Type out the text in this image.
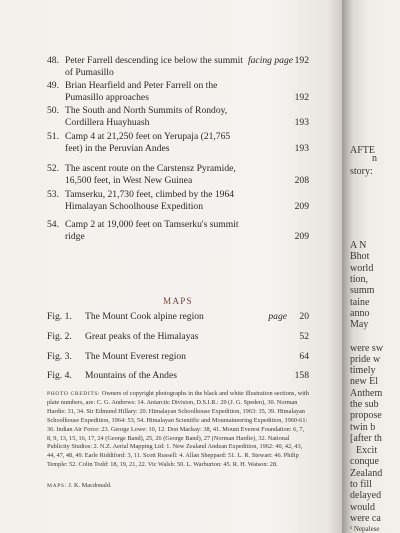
48. Peter Farrell descending ice below the summit
of Pumasillo
facing page 192
49. Brian Hearfield and Peter Farrell on the
Pumasillo approaches	192
50. The South and North Summits of Rondoy,
Cordillera Huayhuash	193
51. Camp 4 at 21,250 feet on Yerupaja (21,765
feet) in the Peruvian Andes	193
52. The ascent route on the Carstensz Pyramide,
16,500 feet, in West New Guinea	208
53. Tamserku, 21,730 feet, climbed by the 1964
Himalayan Schoolhouse Expedition	209
54. Camp 2 at 19,000 feet on Tamserku's summit
ridge	209
MAPS
Fig. 1. The Mount Cook alpine region	page 20
Fig. 2. Great peaks of the Himalayas	52
Fig. 3. The Mount Everest region	64
Fig. 4. Mountains of the Andes	158
PHOTO CREDITS: Owners of copyright photographs in the black and white illustration sections, with plate numbers, are: C. G. Andrews: 14. Antarctic Division, D.S.I.R.: 29 (J. G. Speden), 30. Norman Hardie: 31, 34. Sir Edmund Hillary: 20. Himalayan Schoolhouse Expedition, 1963: 35, 39. Himalayan Schoolhouse Expedition, 1964: 53, 54. Himalayan Scientific and Mountaineering Expedition, 1960-61: 36. Indian Air Force: 23. George Lowe: 10, 12. Don Mackay: 38, 41. Mount Everest Foundation: 6, 7, 8, 9, 13, 15, 16, 17, 24 (George Band), 25, 26 (George Band), 27 (Norman Hardie), 32. National Publicity Studios: 2. N.Z. Aerial Mapping Ltd: 1. New Zealand Andean Expedition, 1962: 40, 42, 43, 44, 47, 48, 49. Earle Riddiford: 3, 11. Scott Russell: 4. Allan Sheppard: 51. L. R. Stewart: 46. Philip Temple: 52. Colin Todd: 18, 19, 21, 22. Vic Walsh: 50. L. Warburton: 45. R. H. Watson: 28.
MAPS: J. K. Macdonald.
AFTE
n
story:
A N
Bhot
world
tion,
summ
taine
anno
May
were sw
pride w
timely
new El
Anthem
the sub
propose
twin b
[after th
Excit
conque
Zealand
to fill
delayed
would
were ca
¹ Nepalese
